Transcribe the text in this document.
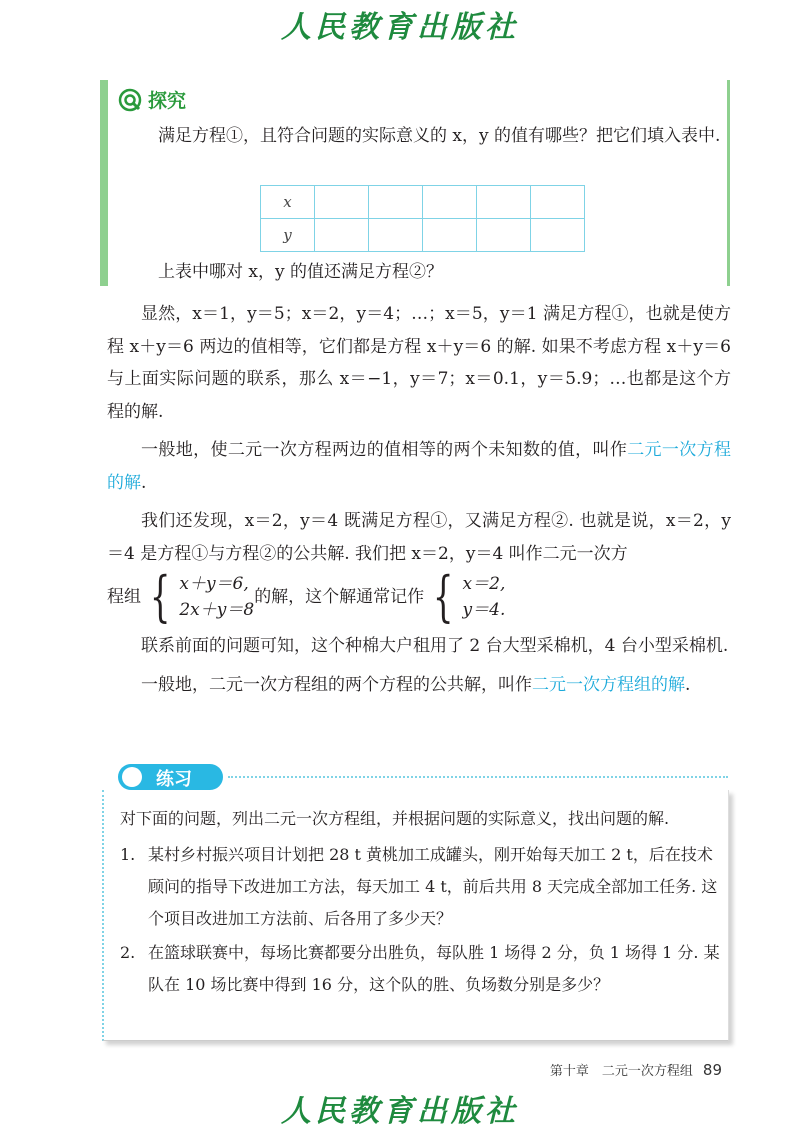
人民教育出版社
探究
满足方程①，且符合问题的实际意义的 x，y 的值有哪些？把它们填入表中.
x					
y					
上表中哪对 x，y 的值还满足方程②？

显然，x＝1，y＝5；x＝2，y＝4；…；x＝5，y＝1 满足方程①，也就是使方程 x＋y＝6 两边的值相等，它们都是方程 x＋y＝6 的解. 如果不考虑方程 x＋y＝6 与上面实际问题的联系，那么 x＝−1，y＝7；x＝0.1，y＝5.9；…也都是这个方程的解.

一般地，使二元一次方程两边的值相等的两个未知数的值，叫作二元一次方程的解.

我们还发现，x＝2，y＝4 既满足方程①，又满足方程②. 也就是说，x＝2，y＝4 是方程①与方程②的公共解. 我们把 x＝2，y＝4 叫作二元一次方

程组 { x＋y＝6,
2x＋y＝8
的解，这个解通常记作 { x＝2,
y＝4.

联系前面的问题可知，这个种棉大户租用了 2 台大型采棉机，4 台小型采棉机.

一般地，二元一次方程组的两个方程的公共解，叫作二元一次方程组的解.

练习

对下面的问题，列出二元一次方程组，并根据问题的实际意义，找出问题的解.

1. 某村乡村振兴项目计划把 28 t 黄桃加工成罐头，刚开始每天加工 2 t，后在技术顾问的指导下改进加工方法，每天加工 4 t，前后共用 8 天完成全部加工任务. 这个项目改进加工方法前、后各用了多少天？
2. 在篮球联赛中，每场比赛都要分出胜负，每队胜 1 场得 2 分，负 1 场得 1 分. 某队在 10 场比赛中得到 16 分，这个队的胜、负场数分别是多少？
第十章　二元一次方程组 89
人民教育出版社
